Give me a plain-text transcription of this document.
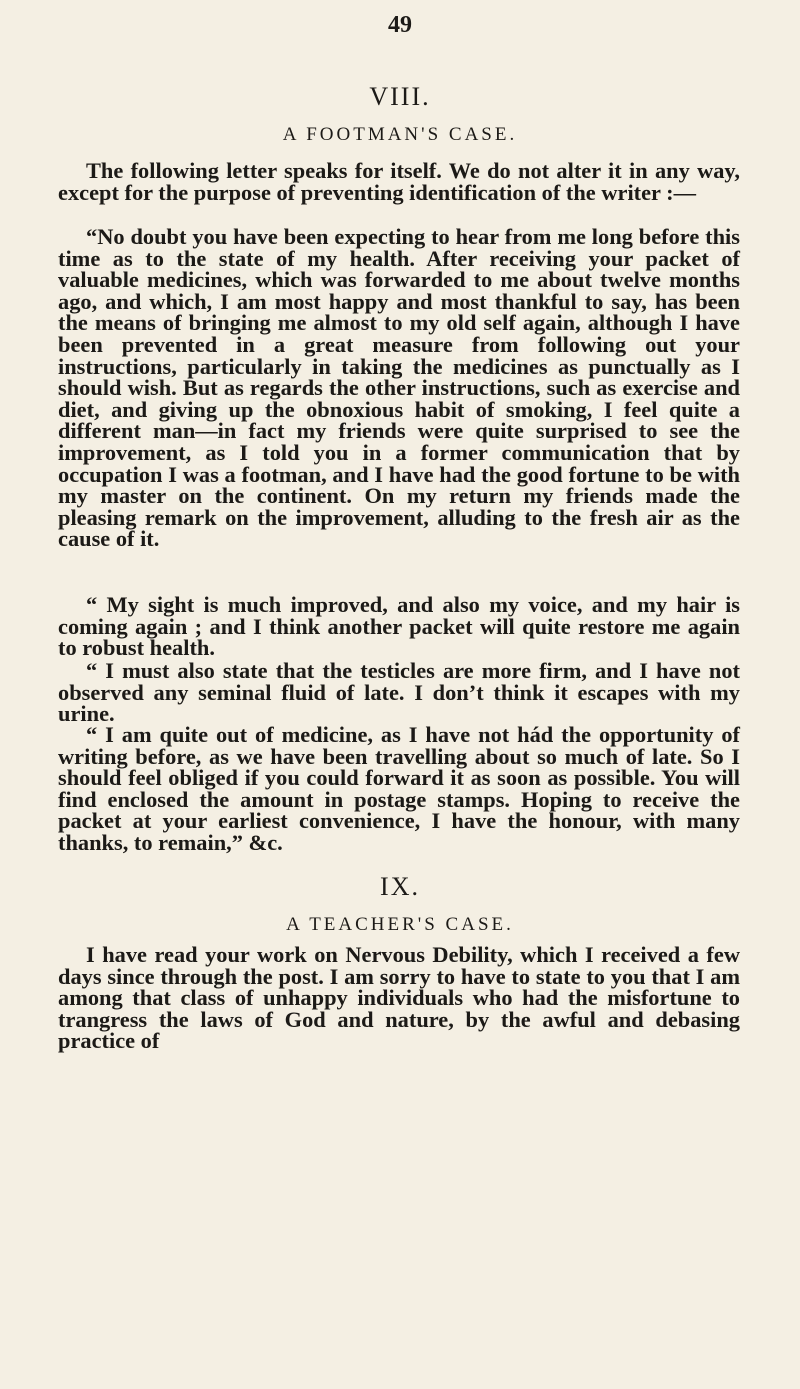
49
VIII.
A FOOTMAN'S CASE.

The following letter speaks for itself. We do not alter it in any way, except for the purpose of preventing identification of the writer :—

“No doubt you have been expecting to hear from me long before this time as to the state of my health. After receiving your packet of valuable medicines, which was forwarded to me about twelve months ago, and which, I am most happy and most thankful to say, has been the means of bringing me almost to my old self again, although I have been prevented in a great measure from following out your instructions, particularly in taking the medicines as punctually as I should wish. But as regards the other instructions, such as exercise and diet, and giving up the obnoxious habit of smoking, I feel quite a different man—in fact my friends were quite surprised to see the improvement, as I told you in a former communication that by occupation I was a footman, and I have had the good fortune to be with my master on the continent. On my return my friends made the pleasing remark on the improvement, alluding to the fresh air as the cause of it.

“ My sight is much improved, and also my voice, and my hair is coming again ; and I think another packet will quite restore me again to robust health.

“ I must also state that the testicles are more firm, and I have not observed any seminal fluid of late. I don’t think it escapes with my urine.

“ I am quite out of medicine, as I have not hád the opportunity of writing before, as we have been travelling about so much of late. So I should feel obliged if you could forward it as soon as possible. You will find enclosed the amount in postage stamps. Hoping to receive the packet at your earliest convenience, I have the honour, with many thanks, to remain,” &c.

IX.
A TEACHER'S CASE.

I have read your work on Nervous Debility, which I received a few days since through the post. I am sorry to have to state to you that I am among that class of unhappy individuals who had the misfortune to trangress the laws of God and nature, by the awful and debasing practice of
